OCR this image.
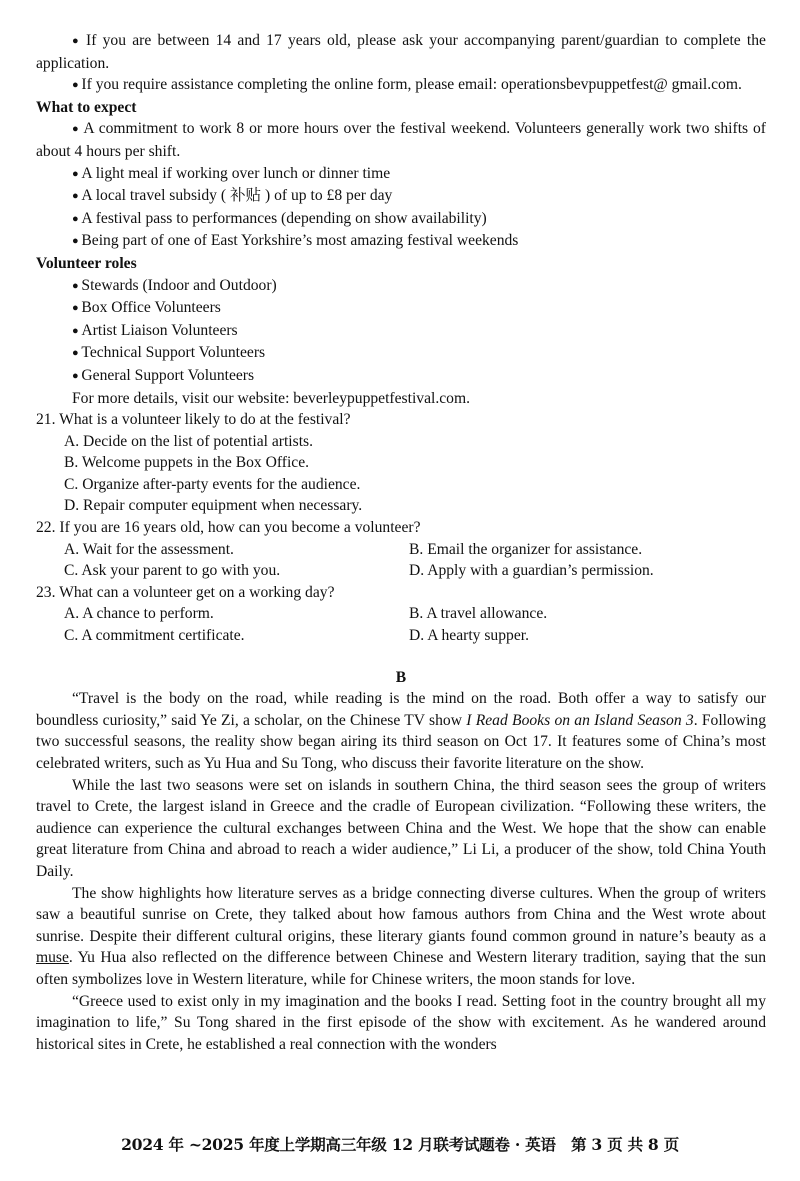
● If you are between 14 and 17 years old, please ask your accompanying parent/guardian to complete the application.

● If you require assistance completing the online form, please email: operationsbevpuppetfest@ gmail.com.

What to expect

● A commitment to work 8 or more hours over the festival weekend. Volunteers generally work two shifts of about 4 hours per shift.

● A light meal if working over lunch or dinner time

● A local travel subsidy ( 补贴 ) of up to £8 per day

● A festival pass to performances (depending on show availability)

● Being part of one of East Yorkshire’s most amazing festival weekends

Volunteer roles

● Stewards (Indoor and Outdoor)

● Box Office Volunteers

● Artist Liaison Volunteers

● Technical Support Volunteers

● General Support Volunteers

For more details, visit our website: beverleypuppetfestival.com.

21. What is a volunteer likely to do at the festival?

A. Decide on the list of potential artists.

B. Welcome puppets in the Box Office.

C. Organize after-party events for the audience.

D. Repair computer equipment when necessary.

22. If you are 16 years old, how can you become a volunteer?

A. Wait for the assessment.	B. Email the organizer for assistance.
C. Ask your parent to go with you.	D. Apply with a guardian’s permission.

23. What can a volunteer get on a working day?

A. A chance to perform.	B. A travel allowance.
C. A commitment certificate.	D. A hearty supper.

B

“Travel is the body on the road, while reading is the mind on the road. Both offer a way to satisfy our boundless curiosity,” said Ye Zi, a scholar, on the Chinese TV show I Read Books on an Island Season 3. Following two successful seasons, the reality show began airing its third season on Oct 17. It features some of China’s most celebrated writers, such as Yu Hua and Su Tong, who discuss their favorite literature on the show.

While the last two seasons were set on islands in southern China, the third season sees the group of writers travel to Crete, the largest island in Greece and the cradle of European civilization. “Following these writers, the audience can experience the cultural exchanges between China and the West. We hope that the show can enable great literature from China and abroad to reach a wider audience,” Li Li, a producer of the show, told China Youth Daily.

The show highlights how literature serves as a bridge connecting diverse cultures. When the group of writers saw a beautiful sunrise on Crete, they talked about how famous authors from China and the West wrote about sunrise. Despite their different cultural origins, these literary giants found common ground in nature’s beauty as a muse. Yu Hua also reflected on the difference between Chinese and Western literary tradition, saying that the sun often symbolizes love in Western literature, while for Chinese writers, the moon stands for love.

“Greece used to exist only in my imagination and the books I read. Setting foot in the country brought all my imagination to life,” Su Tong shared in the first episode of the show with excitement. As he wandered around historical sites in Crete, he established a real connection with the wonders

2024 年 ~2025 年度上学期高三年级 12 月联考试题卷 · 英语　第 3 页 共 8 页
